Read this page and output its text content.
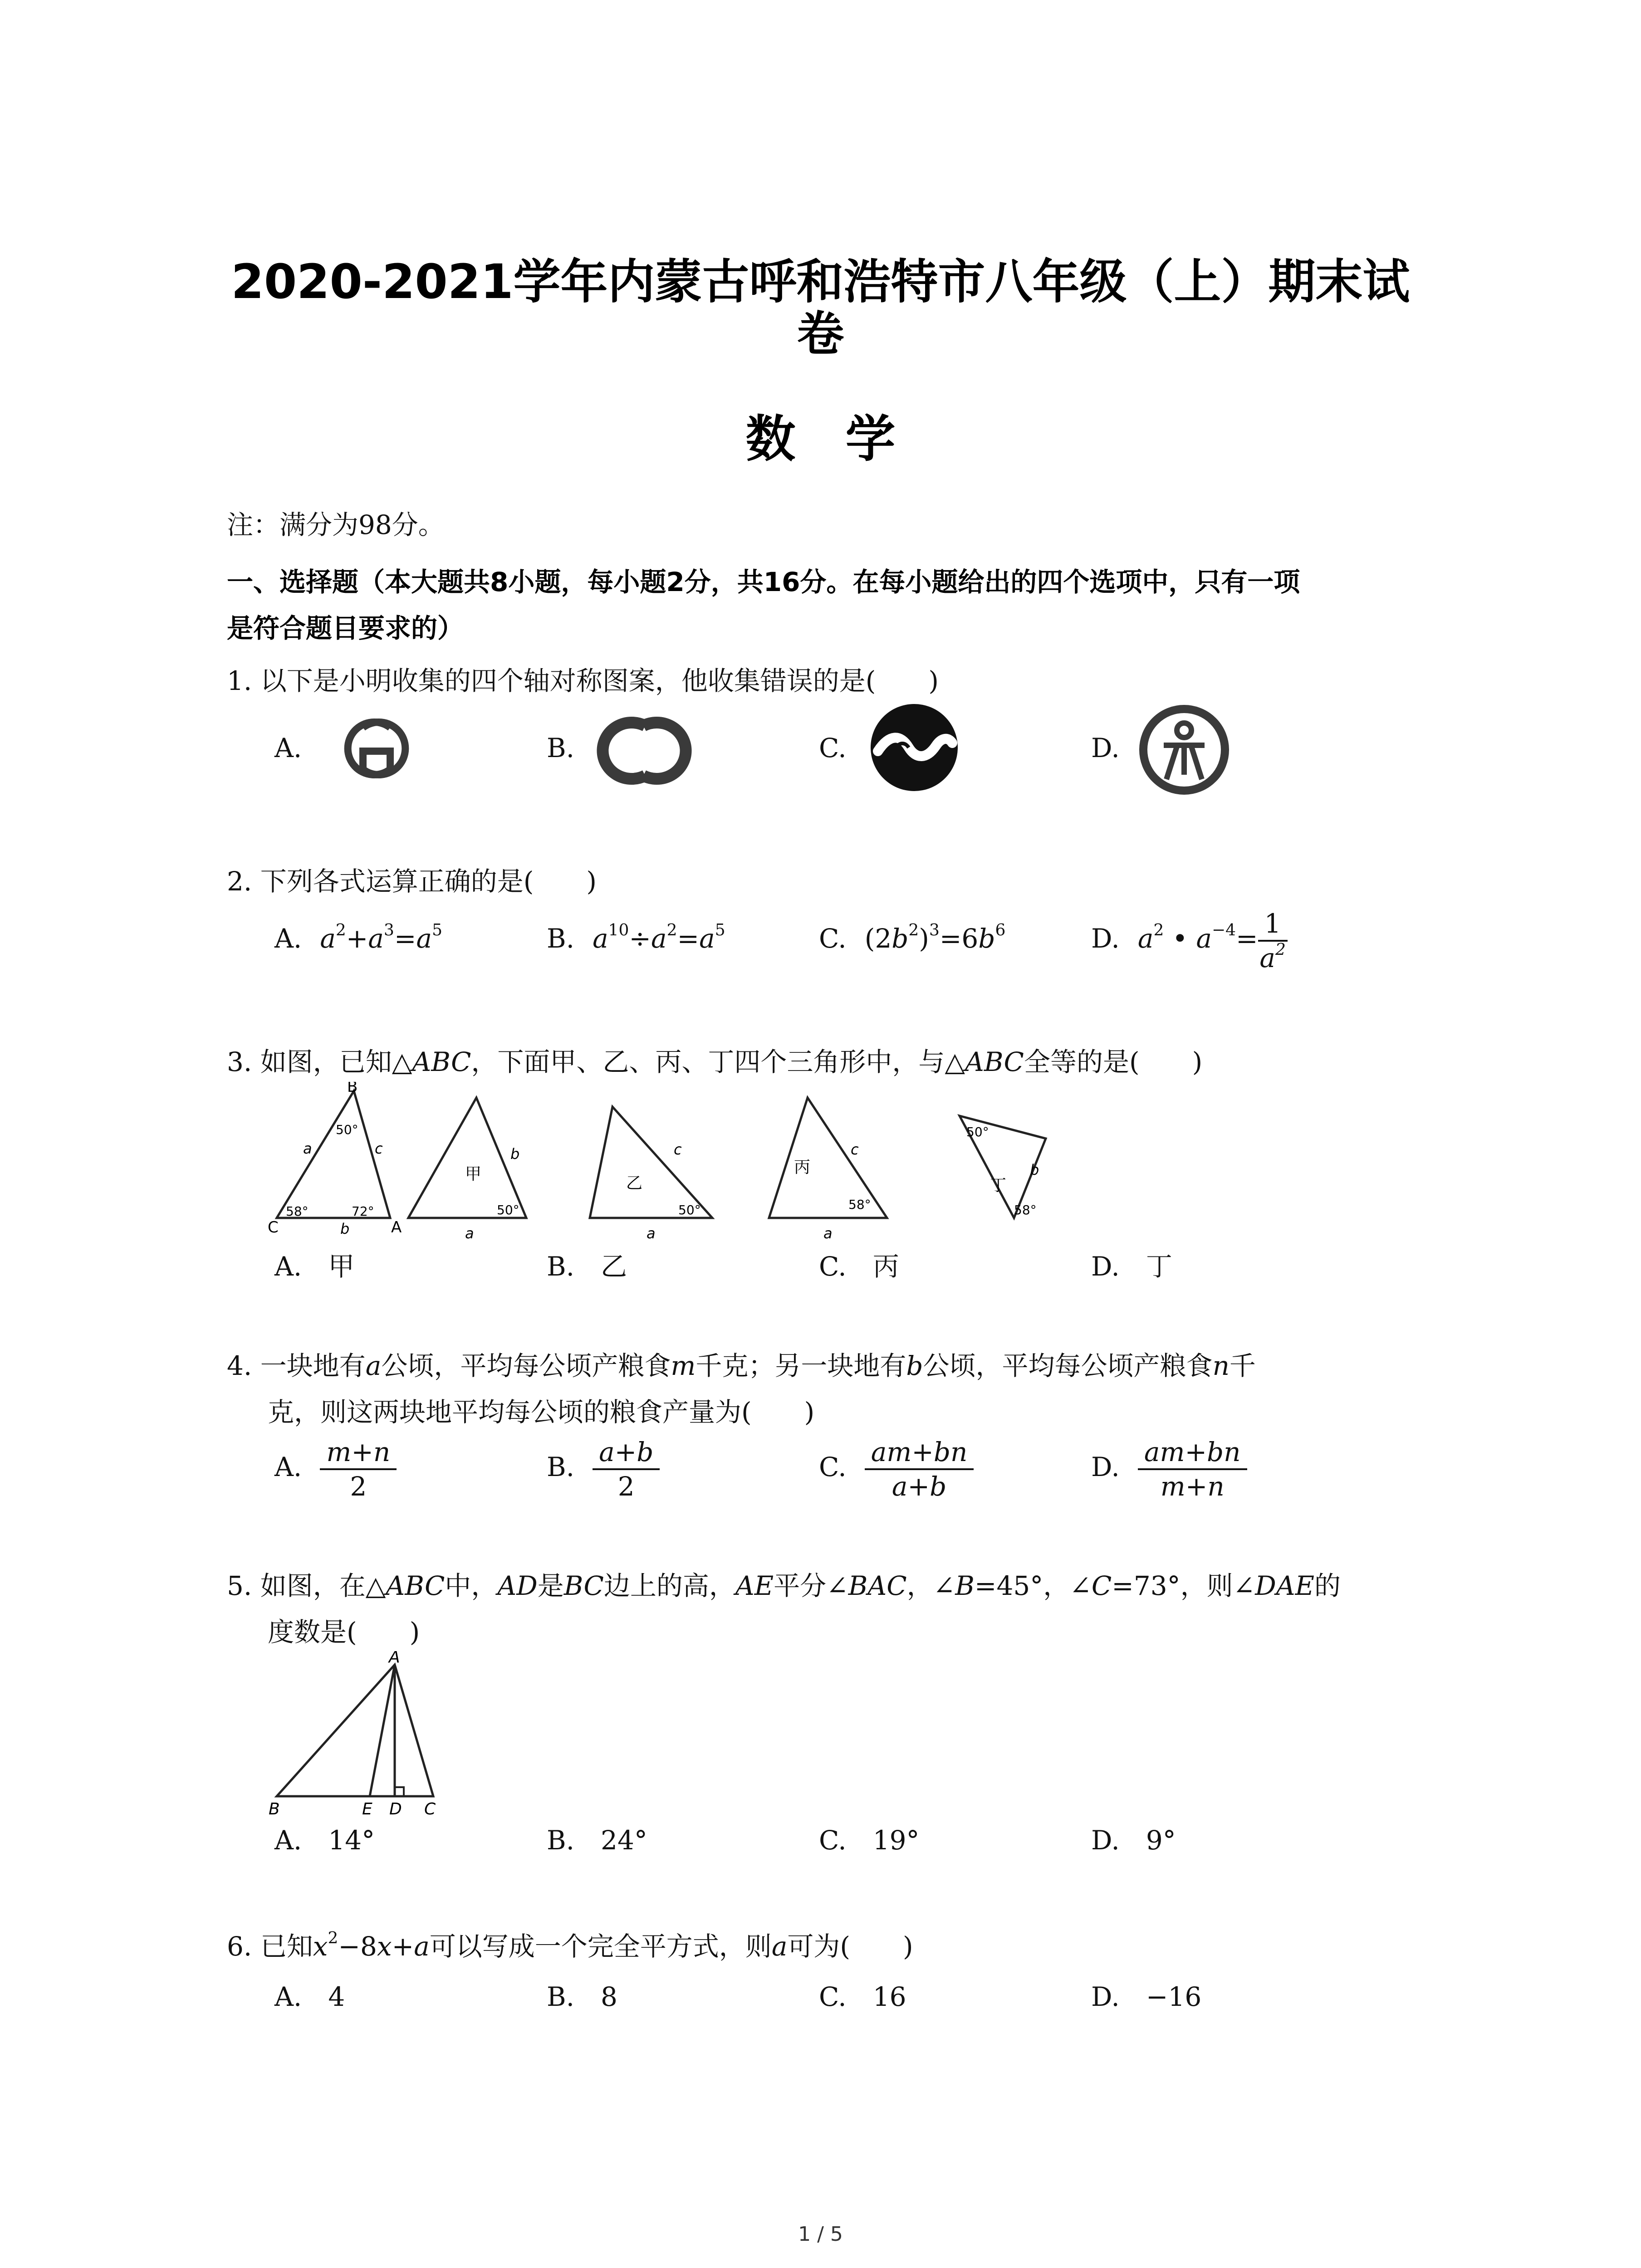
2020-2021学年内蒙古呼和浩特市八年级（上）期末试
卷
数学
注：满分为98分。
一、选择题（本大题共8小题，每小题2分，共16分。在每小题给出的四个选项中，只有一项
是符合题目要求的）
1. 以下是小明收集的四个轴对称图案，他收集错误的是(　　)
A.	B.	C.	D.
2. 下列各式运算正确的是(　　)
A. $a^2+a^3=a^5$	B. $a^{10}\div a^2=a^5$	C. $(2b^2)^3=6b^6$	D. $a^2$ • $a^{-4}= \frac{1}{a^2}$
3. 如图，已知△ABC，下面甲、乙、丙、丁四个三角形中，与△ABC全等的是(　　)
B
C	A
a	c
b
50°
58°	72°
甲
b
a
50°
乙
c
a
50°
丙
c
a
58°
丁
b
50°
58°
A.　甲	B.　乙	C.　丙	D.　丁
4. 一块地有a公顷，平均每公顷产粮食m千克；另一块地有b公顷，平均每公顷产粮食n千
克，则这两块地平均每公顷的粮食产量为(　　)
A. $\frac{m+n}{2}$	B. $\frac{a+b}{2}$	C. $\frac{am+bn}{a+b}$	D. $\frac{am+bn}{m+n}$
5. 如图，在△ABC中，AD是BC边上的高，AE平分∠BAC，∠B=45°，∠C=73°，则∠DAE的
度数是(　　)
A
B	E D C
A.　14°	B.　24°	C.　19°	D.　9°
6. 已知$x^2-8x+a$可以写成一个完全平方式，则a可为(　　)
A.　4	B.　8	C.　16	D.　−16
1 / 5
